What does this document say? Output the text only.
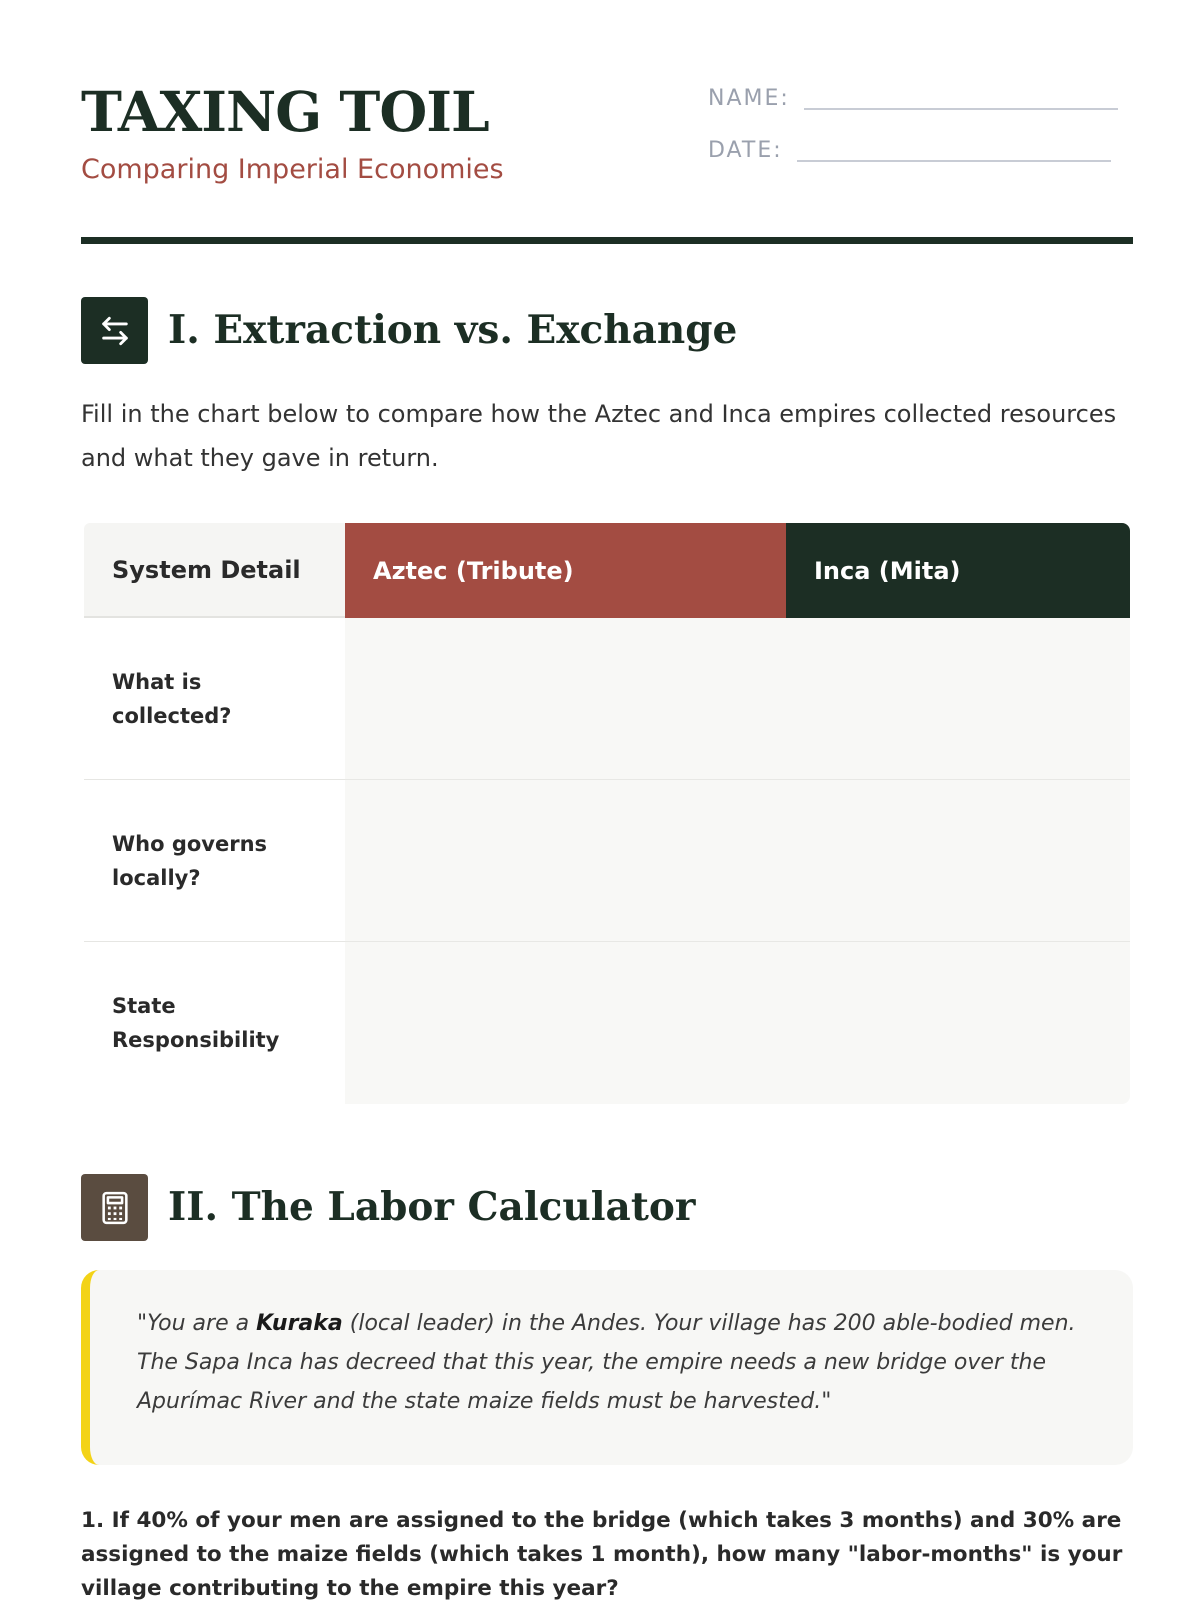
TAXING TOIL
Comparing Imperial Economies
NAME:
DATE:
I. Extraction vs. Exchange
Fill in the chart below to compare how the Aztec and Inca empires collected resources and what they gave in return.
System Detail	Aztec (Tribute)	Inca (Mita)
What is collected?
Who governs locally?
State Responsibility
II. The Labor Calculator
"You are a Kuraka (local leader) in the Andes. Your village has 200 able-bodied men. The Sapa Inca has decreed that this year, the empire needs a new bridge over the Apurímac River and the state maize fields must be harvested."
1. If 40% of your men are assigned to the bridge (which takes 3 months) and 30% are assigned to the maize fields (which takes 1 month), how many "labor-months" is your village contributing to the empire this year?
